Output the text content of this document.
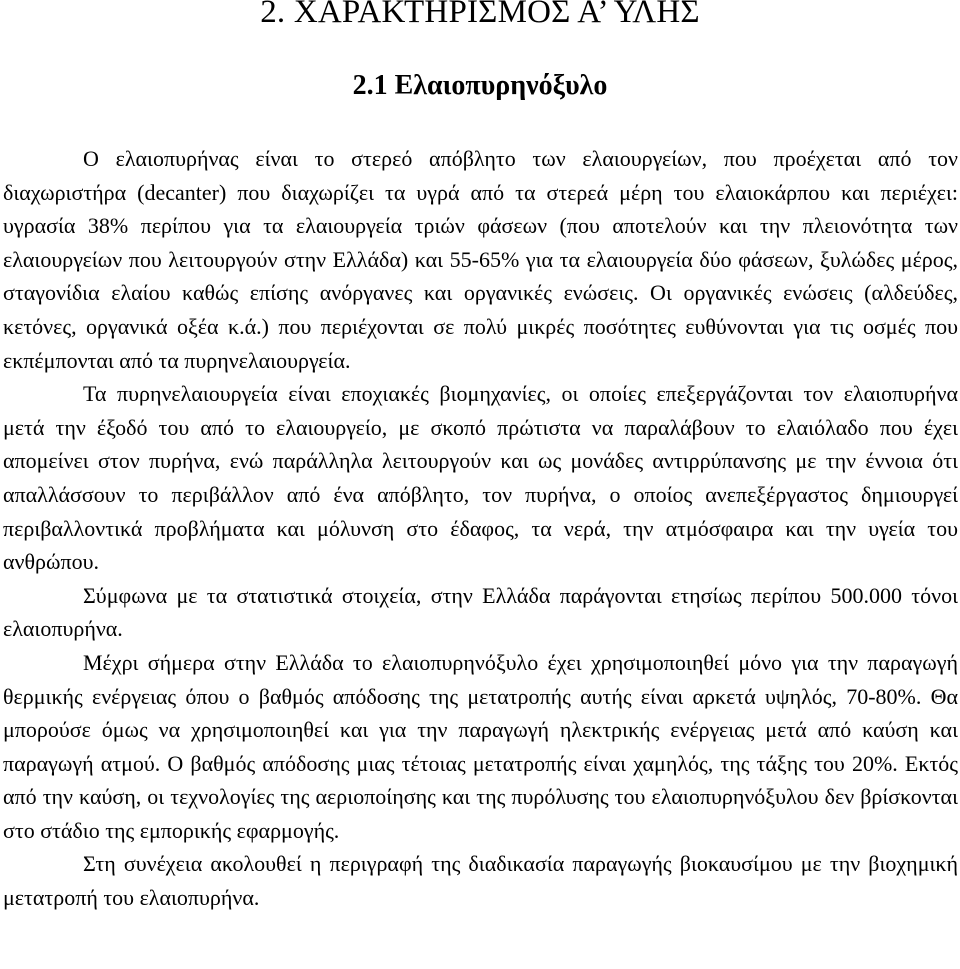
2. ΧΑΡΑΚΤΗΡΙΣΜΟΣ Α’ ΥΛΗΣ
2.1 Ελαιοπυρηνόξυλο

Ο ελαιοπυρήνας είναι το στερεό απόβλητο των ελαιουργείων, που προέχεται από τον διαχωριστήρα (decanter) που διαχωρίζει τα υγρά από τα στερεά μέρη του ελαιοκάρπου και περιέχει: υγρασία 38% περίπου για τα ελαιουργεία τριών φάσεων (που αποτελούν και την πλειονότητα των ελαιουργείων που λειτουργούν στην Ελλάδα) και 55-65% για τα ελαιουργεία δύο φάσεων, ξυλώδες μέρος, σταγονίδια ελαίου καθώς επίσης ανόργανες και οργανικές ενώσεις. Οι οργανικές ενώσεις (αλδεύδες, κετόνες, οργανικά οξέα κ.ά.) που περιέχονται σε πολύ μικρές ποσότητες ευθύνονται για τις οσμές που εκπέμπονται από τα πυρηνελαιουργεία.

Τα πυρηνελαιουργεία είναι εποχιακές βιομηχανίες, οι οποίες επεξεργάζονται τον ελαιοπυρήνα μετά την έξοδό του από το ελαιουργείο, με σκοπό πρώτιστα να παραλάβουν το ελαιόλαδο που έχει απομείνει στον πυρήνα, ενώ παράλληλα λειτουργούν και ως μονάδες αντιρρύπανσης με την έννοια ότι απαλλάσσουν το περιβάλλον από ένα απόβλητο, τον πυρήνα, ο οποίος ανεπεξέργαστος δημιουργεί περιβαλλοντικά προβλήματα και μόλυνση στο έδαφος, τα νερά, την ατμόσφαιρα και την υγεία του ανθρώπου.

Σύμφωνα με τα στατιστικά στοιχεία, στην Ελλάδα παράγονται ετησίως περίπου 500.000 τόνοι ελαιοπυρήνα.

Μέχρι σήμερα στην Ελλάδα το ελαιοπυρηνόξυλο έχει χρησιμοποιηθεί μόνο για την παραγωγή θερμικής ενέργειας όπου ο βαθμός απόδοσης της μετατροπής αυτής είναι αρκετά υψηλός, 70-80%. Θα μπορούσε όμως να χρησιμοποιηθεί και για την παραγωγή ηλεκτρικής ενέργειας μετά από καύση και παραγωγή ατμού. Ο βαθμός απόδοσης μιας τέτοιας μετατροπής είναι χαμηλός, της τάξης του 20%. Εκτός από την καύση, οι τεχνολογίες της αεριοποίησης και της πυρόλυσης του ελαιοπυρηνόξυλου δεν βρίσκονται στο στάδιο της εμπορικής εφαρμογής.

Στη συνέχεια ακολουθεί η περιγραφή της διαδικασία παραγωγής βιοκαυσίμου με την βιοχημική μετατροπή του ελαιοπυρήνα.
